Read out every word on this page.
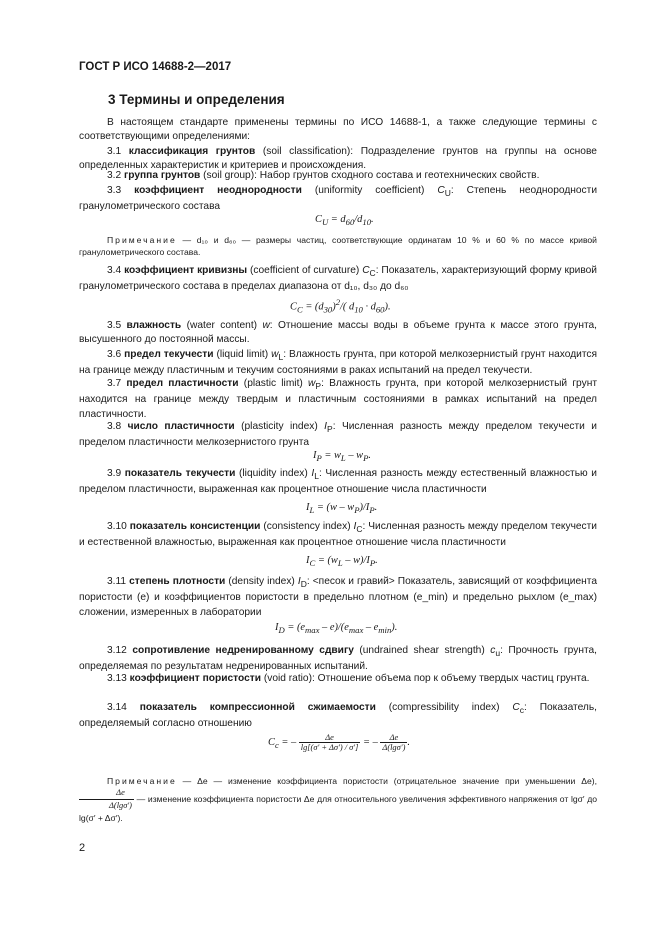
ГОСТ Р ИСО 14688-2—2017
3 Термины и определения
В настоящем стандарте применены термины по ИСО 14688-1, а также следующие термины с соответствующими определениями:
3.1 классификация грунтов (soil classification): Подразделение грунтов на группы на основе определенных характеристик и критериев и происхождения.
3.2 группа грунтов (soil group): Набор грунтов сходного состава и геотехнических свойств.
3.3 коэффициент неоднородности (uniformity coefficient) $C_U$: Степень неоднородности гранулометрического состава
$C_U = d_{60}/d_{10}$.
Примечание — d₁₀ и d₆₀ — размеры частиц, соответствующие ординатам 10 % и 60 % по массе кривой гранулометрического состава.
3.4 коэффициент кривизны (coefficient of curvature) $C_C$: Показатель, характеризующий форму кривой гранулометрического состава в пределах диапазона от d₁₀, d₃₀ до d₆₀
$C_C = (d_{30})^2/$( $d_{10} \cdot d_{60}$).
3.5 влажность (water content) w: Отношение массы воды в объеме грунта к массе этого грунта, высушенного до постоянной массы.
3.6 предел текучести (liquid limit) $w_L$: Влажность грунта, при которой мелкозернистый грунт находится на границе между пластичным и текучим состояниями в раках испытаний на предел текучести.
3.7 предел пластичности (plastic limit) $w_P$: Влажность грунта, при которой мелкозернистый грунт находится на границе между твердым и пластичным состояниями в рамках испытаний на предел пластичности.
3.8 число пластичности (plasticity index) $I_P$: Численная разность между пределом текучести и пределом пластичности мелкозернистого грунта
$I_P = w_L - w_P$.
3.9 показатель текучести (liquidity index) $I_L$: Численная разность между естественный влажностью и пределом пластичности, выраженная как процентное отношение числа пластичности
$I_L = (w - w_P)/I_P$.
3.10 показатель консистенции (consistency index) $I_C$: Численная разность между пределом текучести и естественной влажностью, выраженная как процентное отношение числа пластичности
$I_C = (w_L - w)/I_P$.
3.11 степень плотности (density index) $I_D$: <песок и гравий> Показатель, зависящий от коэффициента пористости (e) и коэффициентов пористости в предельно плотном (e_min) и предельно рыхлом (e_max) сложении, измеренных в лаборатории
$I_D = (e_{max} - e)/(e_{max} - e_{min})$.
3.12 сопротивление недренированному сдвигу (undrained shear strength) $c_u$: Прочность грунта, определяемая по результатам недренированных испытаний.
3.13 коэффициент пористости (void ratio): Отношение объема пор к объему твердых частиц грунта.
3.14 показатель компрессионной сжимаемости (compressibility index) $C_c$: Показатель, определяемый согласно отношению
$C_c$ = – $\frac{\Delta e}{\lg[(\sigma' + \Delta\sigma') / \sigma']}$ = – $\frac{\Delta e}{\Delta(\lg\sigma')}$ .
Примечание — Δe — изменение коэффициента пористости (отрицательное значение при уменьшении Δe),
$\frac{\Delta e}{\Delta(\lg\sigma')}$ — изменение коэффициента пористости Δe для относительного увеличения эффективного напряжения от lgσ′ до lg(σ′ + Δσ′).
2
